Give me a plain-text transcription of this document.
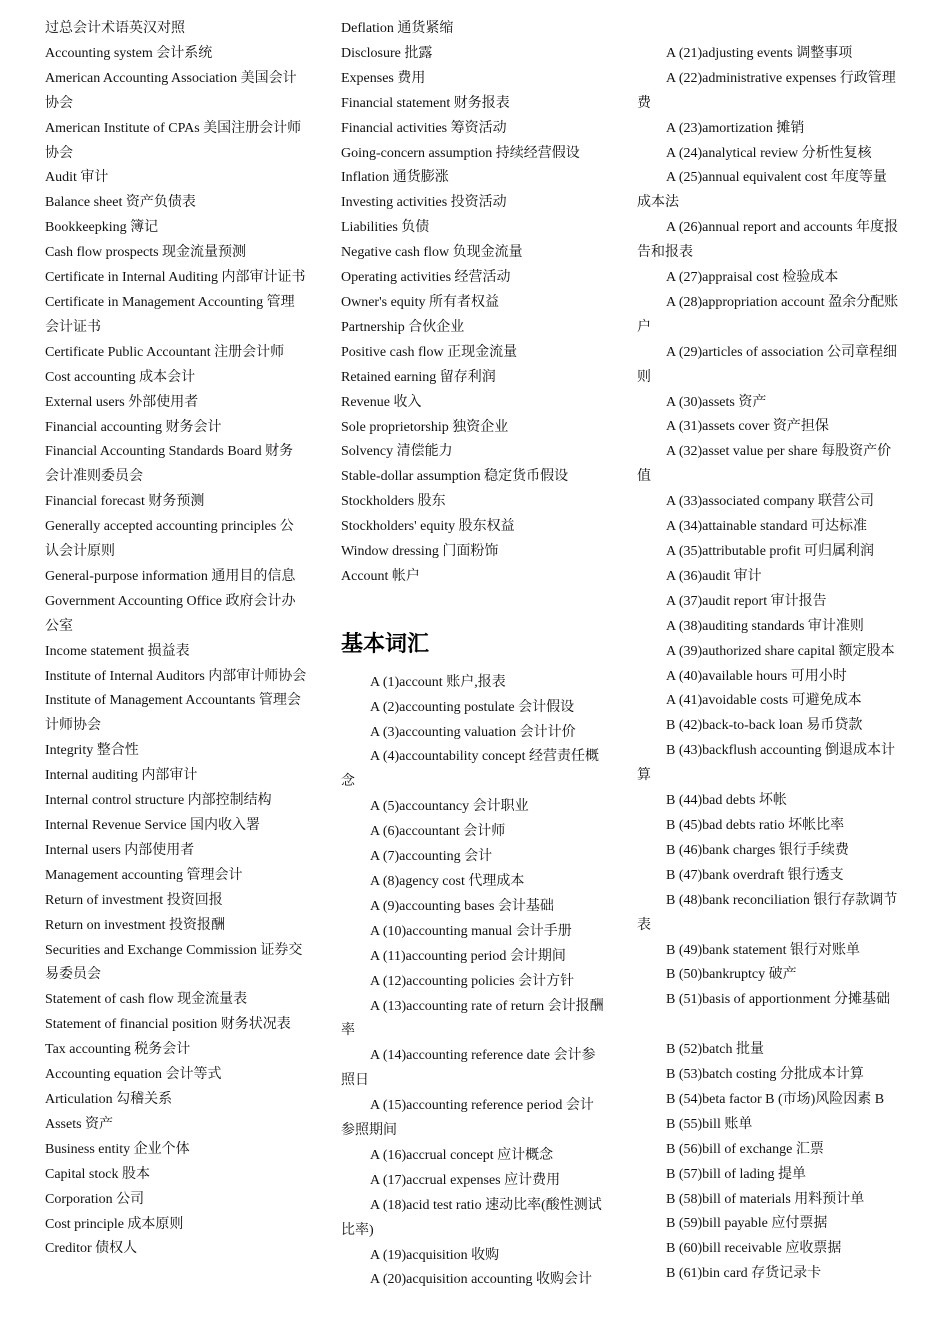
过总会计术语英汉对照
Accounting system 会计系统
American Accounting Association 美国会计协会
American Institute of CPAs 美国注册会计师协会
Audit 审计
Balance sheet 资产负债表
Bookkeepking 簿记
Cash flow prospects 现金流量预测
Certificate in Internal Auditing 内部审计证书
Certificate in Management Accounting 管理会计证书
Certificate Public Accountant 注册会计师
Cost accounting 成本会计
External users 外部使用者
Financial accounting 财务会计
Financial Accounting Standards Board 财务会计准则委员会
Financial forecast 财务预测
Generally accepted accounting principles 公认会计原则
General-purpose information 通用目的信息
Government Accounting Office 政府会计办公室
Income statement 损益表
Institute of Internal Auditors 内部审计师协会
Institute of Management Accountants 管理会计师协会
Integrity 整合性
Internal auditing 内部审计
Internal control structure 内部控制结构
Internal Revenue Service 国内收入署
Internal users 内部使用者
Management accounting 管理会计
Return of investment 投资回报
Return on investment 投资报酬
Securities and Exchange Commission 证券交易委员会
Statement of cash flow 现金流量表
Statement of financial position 财务状况表
Tax accounting 税务会计
Accounting equation 会计等式
Articulation 勾稽关系
Assets 资产
Business entity 企业个体
Capital stock 股本
Corporation 公司
Cost principle 成本原则
Creditor 债权人
Deflation 通货紧缩
Disclosure 批露
Expenses 费用
Financial statement 财务报表
Financial activities 筹资活动
Going-concern assumption 持续经营假设
Inflation 通货膨涨
Investing activities 投资活动
Liabilities 负债
Negative cash flow 负现金流量
Operating activities 经营活动
Owner's equity 所有者权益
Partnership 合伙企业
Positive cash flow 正现金流量
Retained earning 留存利润
Revenue 收入
Sole proprietorship 独资企业
Solvency 清偿能力
Stable-dollar assumption 稳定货币假设
Stockholders 股东
Stockholders' equity 股东权益
Window dressing 门面粉饰
Account 帐户
基本词汇
A (1)account 账户,报表
A (2)accounting postulate 会计假设
A (3)accounting valuation 会计计价
A (4)accountability concept 经营责任概念
A (5)accountancy 会计职业
A (6)accountant 会计师
A (7)accounting 会计
A (8)agency cost 代理成本
A (9)accounting bases 会计基础
A (10)accounting manual 会计手册
A (11)accounting period 会计期间
A (12)accounting policies 会计方针
A (13)accounting rate of return 会计报酬率
A (14)accounting reference date 会计参照日
A (15)accounting reference period 会计参照期间
A (16)accrual concept 应计概念
A (17)accrual expenses 应计费用
A (18)acid test ratio 速动比率(酸性测试比率)
A (19)acquisition 收购
A (20)acquisition accounting 收购会计
A (21)adjusting events 调整事项
A (22)administrative expenses 行政管理费
A (23)amortization 摊销
A (24)analytical review 分析性复核
A (25)annual equivalent cost 年度等量成本法
A (26)annual report and accounts 年度报告和报表
A (27)appraisal cost 检验成本
A (28)appropriation account 盈余分配账户
A (29)articles of association 公司章程细则
A (30)assets 资产
A (31)assets cover 资产担保
A (32)asset value per share 每股资产价值
A (33)associated company 联营公司
A (34)attainable standard 可达标准
A (35)attributable profit 可归属利润
A (36)audit 审计
A (37)audit report 审计报告
A (38)auditing standards 审计准则
A (39)authorized share capital 额定股本
A (40)available hours 可用小时
A (41)avoidable costs 可避免成本
B (42)back-to-back loan 易币贷款
B (43)backflush accounting 倒退成本计算
B (44)bad debts 坏帐
B (45)bad debts ratio 坏帐比率
B (46)bank charges 银行手续费
B (47)bank overdraft 银行透支
B (48)bank reconciliation 银行存款调节表
B (49)bank statement 银行对账单
B (50)bankruptcy 破产
B (51)basis of apportionment 分摊基础
B (52)batch 批量
B (53)batch costing 分批成本计算
B (54)beta factor B (市场)风险因素 B
B (55)bill 账单
B (56)bill of exchange 汇票
B (57)bill of lading 提单
B (58)bill of materials 用料预计单
B (59)bill payable 应付票据
B (60)bill receivable 应收票据
B (61)bin card 存货记录卡
